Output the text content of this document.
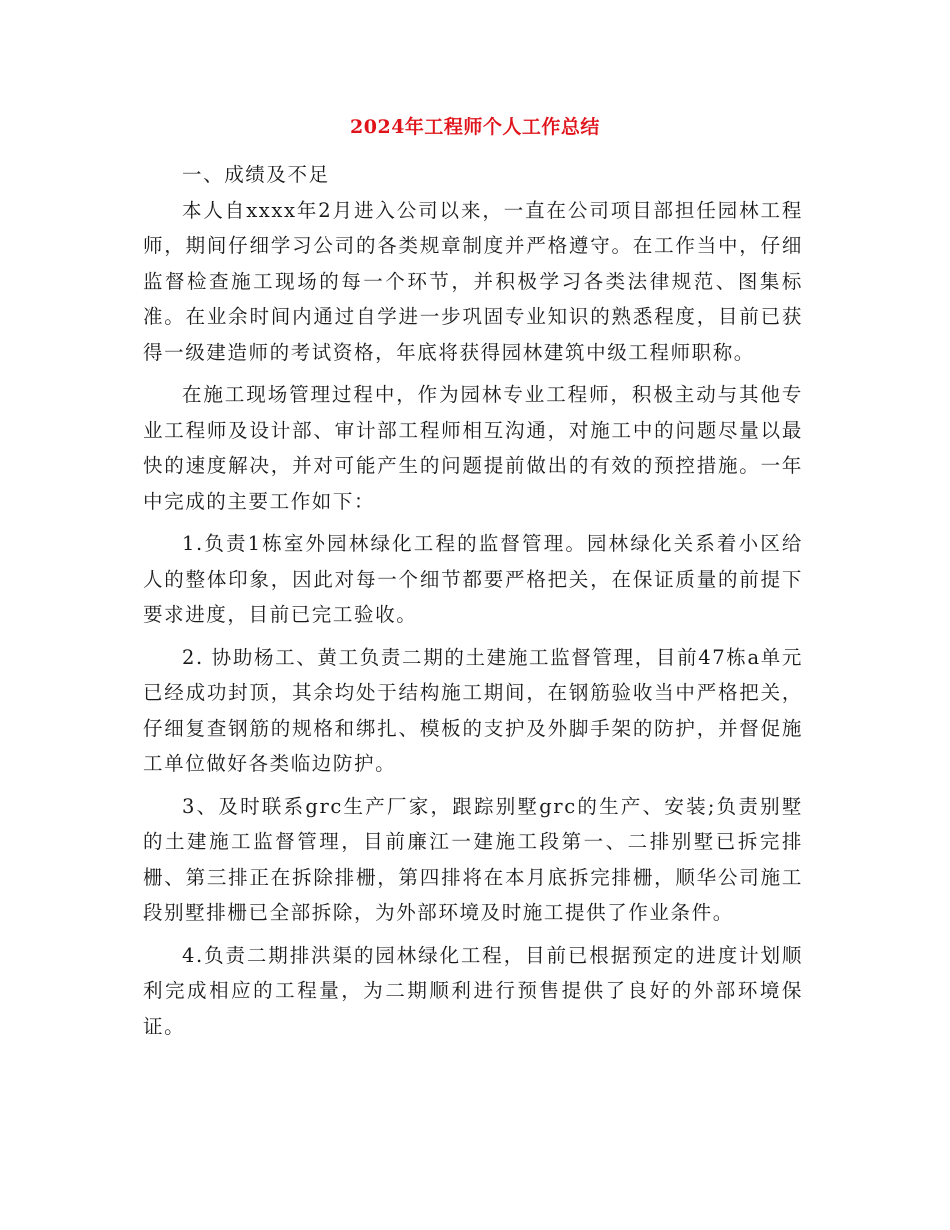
2024年工程师个人工作总结

一、成绩及不足

本人自xxxx年2月进入公司以来，一直在公司项目部担任园林工程师，期间仔细学习公司的各类规章制度并严格遵守。在工作当中，仔细监督检查施工现场的每一个环节，并积极学习各类法律规范、图集标准。在业余时间内通过自学进一步巩固专业知识的熟悉程度，目前已获得一级建造师的考试资格，年底将获得园林建筑中级工程师职称。

在施工现场管理过程中，作为园林专业工程师，积极主动与其他专业工程师及设计部、审计部工程师相互沟通，对施工中的问题尽量以最快的速度解决，并对可能产生的问题提前做出的有效的预控措施。一年中完成的主要工作如下：

1.负责1栋室外园林绿化工程的监督管理。园林绿化关系着小区给人的整体印象，因此对每一个细节都要严格把关，在保证质量的前提下要求进度，目前已完工验收。

2. 协助杨工、黄工负责二期的土建施工监督管理，目前47栋a单元已经成功封顶，其余均处于结构施工期间，在钢筋验收当中严格把关，仔细复查钢筋的规格和绑扎、模板的支护及外脚手架的防护，并督促施工单位做好各类临边防护。

3、及时联系grc生产厂家，跟踪别墅grc的生产、安装;负责别墅的土建施工监督管理，目前廉江一建施工段第一、二排别墅已拆完排栅、第三排正在拆除排栅，第四排将在本月底拆完排栅，顺华公司施工段别墅排栅已全部拆除，为外部环境及时施工提供了作业条件。

4.负责二期排洪渠的园林绿化工程，目前已根据预定的进度计划顺利完成相应的工程量，为二期顺利进行预售提供了良好的外部环境保证。
